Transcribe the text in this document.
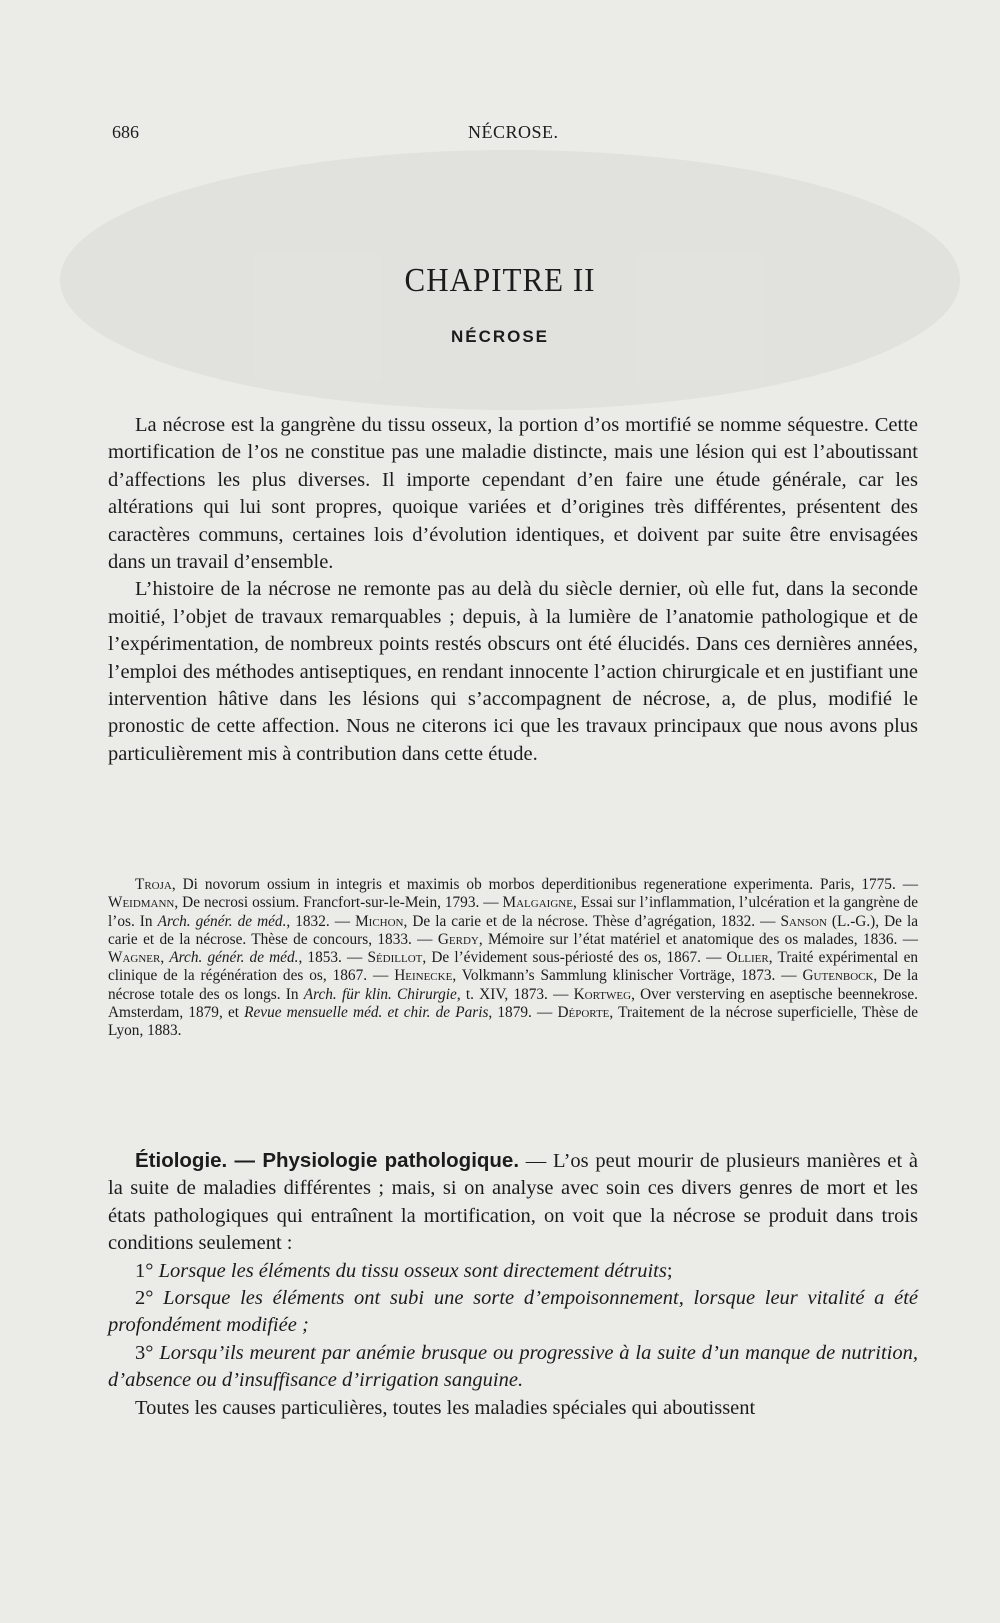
686	NÉCROSE.
CHAPITRE II
NÉCROSE

La nécrose est la gangrène du tissu osseux, la portion d’os mortifié se nomme séquestre. Cette mortification de l’os ne constitue pas une maladie distincte, mais une lésion qui est l’aboutissant d’affections les plus diverses. Il importe cependant d’en faire une étude générale, car les altérations qui lui sont propres, quoique variées et d’origines très différentes, présentent des caractères communs, certaines lois d’évolution identiques, et doivent par suite être envisagées dans un travail d’ensemble.

L’histoire de la nécrose ne remonte pas au delà du siècle dernier, où elle fut, dans la seconde moitié, l’objet de travaux remarquables ; depuis, à la lumière de l’anatomie pathologique et de l’expérimentation, de nombreux points restés obscurs ont été élucidés. Dans ces dernières années, l’emploi des méthodes antiseptiques, en rendant innocente l’action chirurgicale et en justifiant une intervention hâtive dans les lésions qui s’accompagnent de nécrose, a, de plus, modifié le pronostic de cette affection. Nous ne citerons ici que les travaux principaux que nous avons plus particulièrement mis à contribution dans cette étude.

Troja, Di novorum ossium in integris et maximis ob morbos deperditionibus regenerationе experimenta. Paris, 1775. — Weidmann, De necrosi ossium. Francfort-sur-le-Mein, 1793. — Malgaigne, Essai sur l’inflammation, l’ulcération et la gangrène de l’os. In Arch. génér. de méd., 1832. — Michon, De la carie et de la nécrose. Thèse d’agrégation, 1832. — Sanson (L.-G.), De la carie et de la nécrose. Thèse de concours, 1833. — Gerdy, Mémoire sur l’état matériel et anatomique des os malades, 1836. — Wagner, Arch. génér. de méd., 1853. — Sédillot, De l’évidement sous-périosté des os, 1867. — Ollier, Traité expérimental en clinique de la régénération des os, 1867. — Heinecke, Volkmann’s Sammlung klinischer Vorträge, 1873. — Gutenbock, De la nécrose totale des os longs. In Arch. für klin. Chirurgie, t. XIV, 1873. — Kortweg, Over versterving en aseptische beennekrose. Amsterdam, 1879, et Revue mensuelle méd. et chir. de Paris, 1879. — Déporte, Traitement de la nécrose superficielle, Thèse de Lyon, 1883.

Étiologie. — Physiologie pathologique. — L’os peut mourir de plusieurs manières et à la suite de maladies différentes ; mais, si on analyse avec soin ces divers genres de mort et les états pathologiques qui entraînent la mortification, on voit que la nécrose se produit dans trois conditions seulement :

1° Lorsque les éléments du tissu osseux sont directement détruits;

2° Lorsque les éléments ont subi une sorte d’empoisonnement, lorsque leur vitalité a été profondément modifiée ;

3° Lorsqu’ils meurent par anémie brusque ou progressive à la suite d’un manque de nutrition, d’absence ou d’insuffisance d’irrigation sanguine.

Toutes les causes particulières, toutes les maladies spéciales qui aboutissent
